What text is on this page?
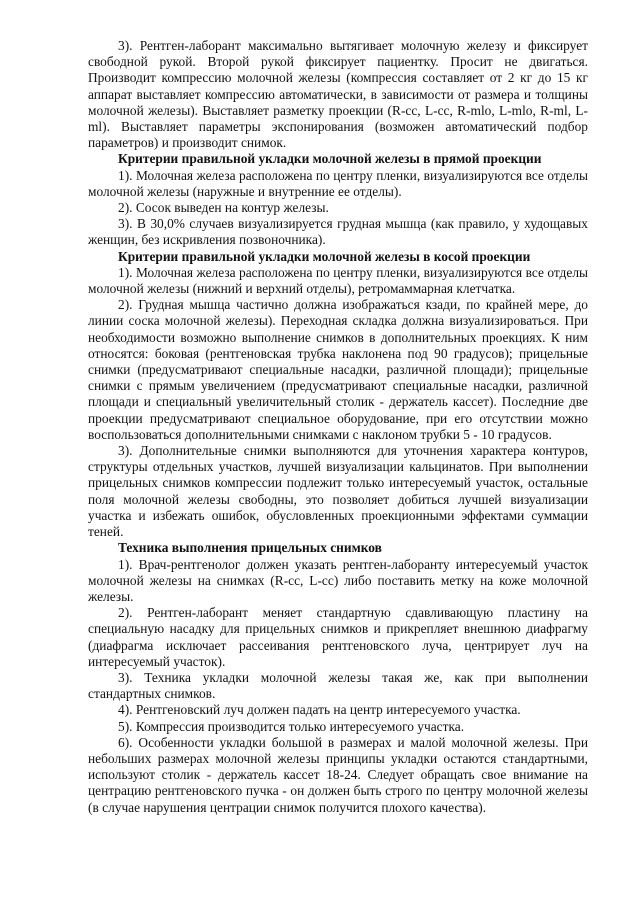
3). Рентген-лаборант максимально вытягивает молочную железу и фиксирует свободной рукой. Второй рукой фиксирует пациентку. Просит не двигаться. Производит компрессию молочной железы (компрессия составляет от 2 кг до 15 кг аппарат выставляет компрессию автоматически, в зависимости от размера и толщины молочной железы). Выставляет разметку проекции (R-cc, L-cc, R-mlo, L-mlo, R-ml, L-ml). Выставляет параметры экспонирования (возможен автоматический подбор параметров) и производит снимок.

Критерии правильной укладки молочной железы в прямой проекции

1). Молочная железа расположена по центру пленки, визуализируются все отделы молочной железы (наружные и внутренние ее отделы).

2). Сосок выведен на контур железы.

3). В 30,0% случаев визуализируется грудная мышца (как правило, у худощавых женщин, без искривления позвоночника).

Критерии правильной укладки молочной железы в косой проекции

1). Молочная железа расположена по центру пленки, визуализируются все отделы молочной железы (нижний и верхний отделы), ретромаммарная клетчатка.

2). Грудная мышца частично должна изображаться кзади, по крайней мере, до линии соска молочной железы). Переходная складка должна визуализироваться. При необходимости возможно выполнение снимков в дополнительных проекциях. К ним относятся: боковая (рентгеновская трубка наклонена под 90 градусов); прицельные снимки (предусматривают специальные насадки, различной площади); прицельные снимки с прямым увеличением (предусматривают специальные насадки, различной площади и специальный увеличительный столик - держатель кассет). Последние две проекции предусматривают специальное оборудование, при его отсутствии можно воспользоваться дополнительными снимками с наклоном трубки 5 - 10 градусов.

3). Дополнительные снимки выполняются для уточнения характера контуров, структуры отдельных участков, лучшей визуализации кальцинатов. При выполнении прицельных снимков компрессии подлежит только интересуемый участок, остальные поля молочной железы свободны, это позволяет добиться лучшей визуализации участка и избежать ошибок, обусловленных проекционными эффектами суммации теней.

Техника выполнения прицельных снимков

1). Врач-рентгенолог должен указать рентген-лаборанту интересуемый участок молочной железы на снимках (R-cc, L-cc) либо поставить метку на коже молочной железы.

2). Рентген-лаборант меняет стандартную сдавливающую пластину на специальную насадку для прицельных снимков и прикрепляет внешнюю диафрагму (диафрагма исключает рассеивания рентгеновского луча, центрирует луч на интересуемый участок).

3). Техника укладки молочной железы такая же, как при выполнении стандартных снимков.

4). Рентгеновский луч должен падать на центр интересуемого участка.

5). Компрессия производится только интересуемого участка.

6). Особенности укладки большой в размерах и малой молочной железы. При небольших размерах молочной железы принципы укладки остаются стандартными, используют столик - держатель кассет 18-24. Следует обращать свое внимание на центрацию рентгеновского пучка - он должен быть строго по центру молочной железы (в случае нарушения центрации снимок получится плохого качества).
